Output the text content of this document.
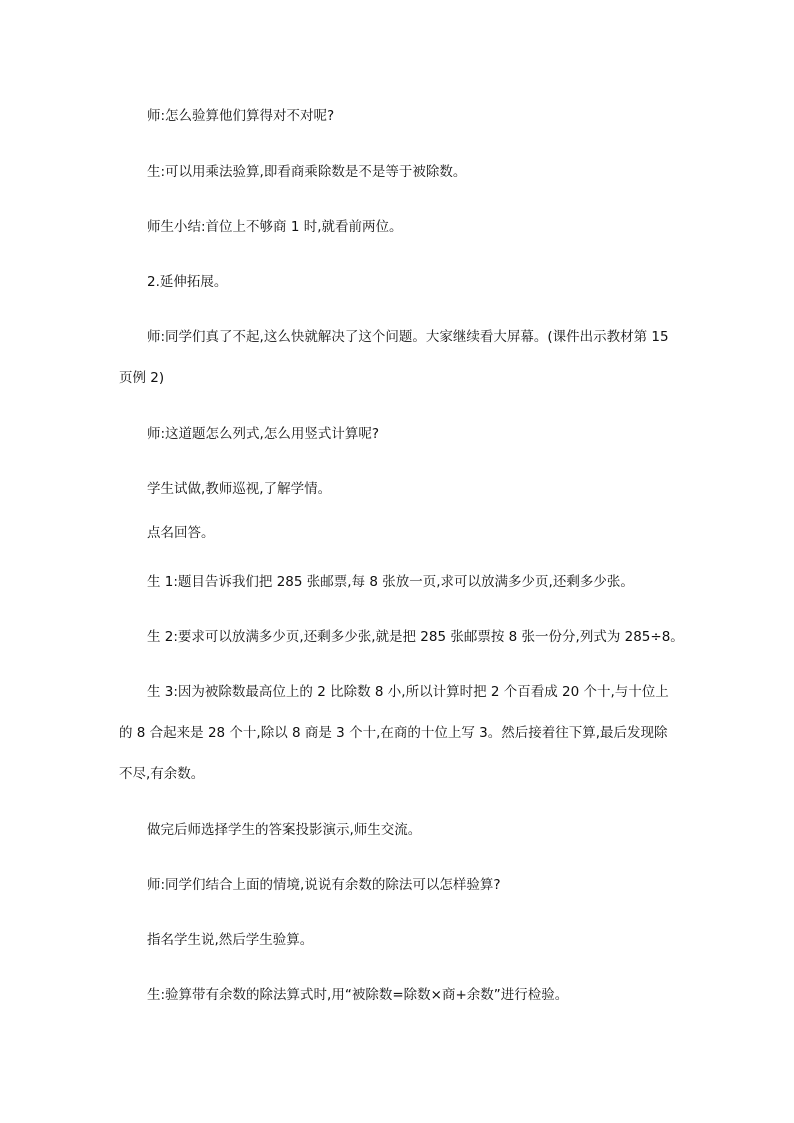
师:怎么验算他们算得对不对呢?

生:可以用乘法验算,即看商乘除数是不是等于被除数。

师生小结:首位上不够商 1 时,就看前两位。

2.延伸拓展。

师:同学们真了不起,这么快就解决了这个问题。大家继续看大屏幕。(课件出示教材第 15

页例 2)

师:这道题怎么列式,怎么用竖式计算呢?

学生试做,教师巡视,了解学情。

点名回答。

生 1:题目告诉我们把 285 张邮票,每 8 张放一页,求可以放满多少页,还剩多少张。

生 2:要求可以放满多少页,还剩多少张,就是把 285 张邮票按 8 张一份分,列式为 285÷8。

生 3:因为被除数最高位上的 2 比除数 8 小,所以计算时把 2 个百看成 20 个十,与十位上

的 8 合起来是 28 个十,除以 8 商是 3 个十,在商的十位上写 3。然后接着往下算,最后发现除

不尽,有余数。

做完后师选择学生的答案投影演示,师生交流。

师:同学们结合上面的情境,说说有余数的除法可以怎样验算?

指名学生说,然后学生验算。

生:验算带有余数的除法算式时,用“被除数=除数×商+余数”进行检验。
